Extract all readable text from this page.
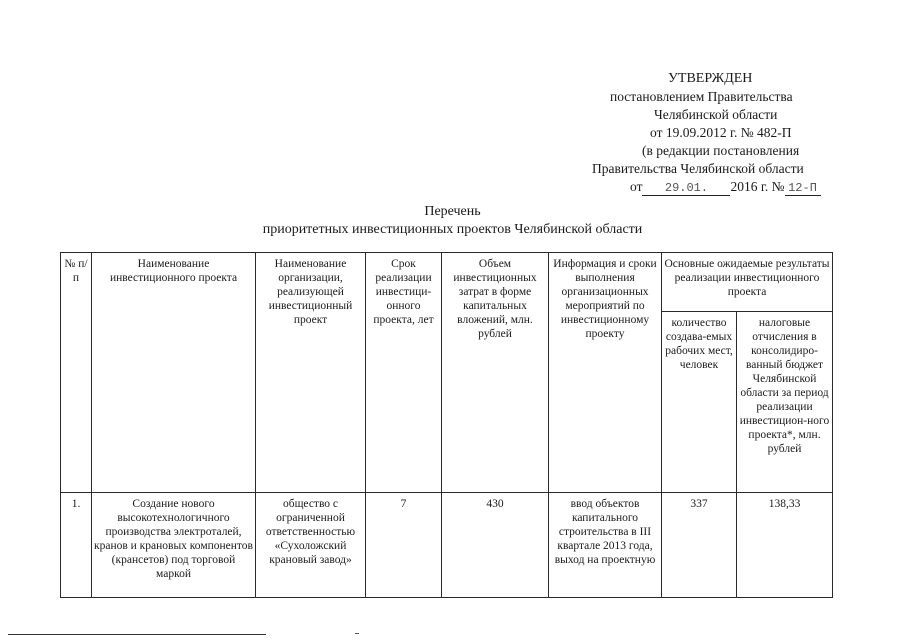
УТВЕРЖДЕН
постановлением Правительства
Челябинской области
от 19.09.2012 г. № 482-П
(в редакции постановления
Правительства Челябинской области
от 29.01. 2016 г. № 12-П
Перечень
приоритетных инвестиционных проектов Челябинской области
№ п/п	Наименование инвестиционного проекта	Наименование организации, реализующей инвестиционный проект	Срок реализации инвестици-онного проекта, лет	Объем инвестиционных затрат в форме капитальных вложений, млн. рублей	Информация и сроки выполнения организационных мероприятий по инвестиционному проекту	Основные ожидаемые результаты реализации инвестиционного проекта	
						количество создава-емых рабочих мест, человек	налоговые отчисления в консолидиро-ванный бюджет Челябинской области за период реализации инвестицион-ного проекта*, млн. рублей
1.	Создание нового высокотехнологичного производства электроталей, кранов и крановых компонентов (крансетов) под торговой маркой	общество с ограниченной ответственностью «Сухоложский крановый завод»	7	430	ввод объектов капитального строительства в III квартале 2013 года, выход на проектную	337	138,33
